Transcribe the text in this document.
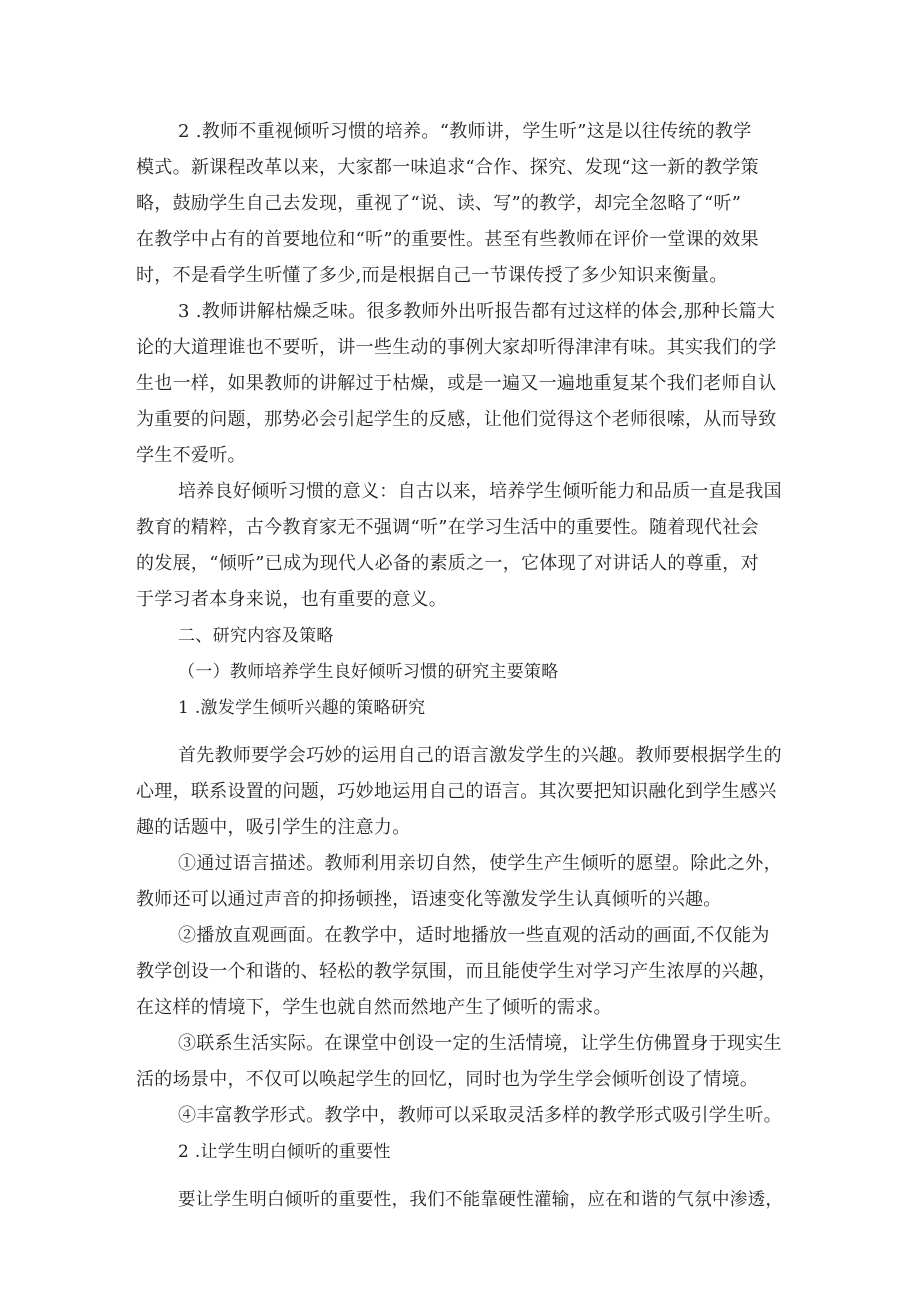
2 .教师不重视倾听习惯的培养。“教师讲，学生听”这是以往传统的教学
模式。新课程改革以来，大家都一味追求“合作、探究、发现“这一新的教学策
略，鼓励学生自己去发现，重视了“说、读、写”的教学，却完全忽略了“听”
在教学中占有的首要地位和“听”的重要性。甚至有些教师在评价一堂课的效果
时，不是看学生听懂了多少,而是根据自己一节课传授了多少知识来衡量。
3 .教师讲解枯燥乏味。很多教师外出听报告都有过这样的体会,那种长篇大
论的大道理谁也不要听，讲一些生动的事例大家却听得津津有味。其实我们的学
生也一样，如果教师的讲解过于枯燥，或是一遍又一遍地重复某个我们老师自认
为重要的问题，那势必会引起学生的反感，让他们觉得这个老师很嗦，从而导致
学生不爱听。
培养良好倾听习惯的意义：自古以来，培养学生倾听能力和品质一直是我国
教育的精粹，古今教育家无不强调“听”在学习生活中的重要性。随着现代社会
的发展，“倾听”已成为现代人必备的素质之一，它体现了对讲话人的尊重，对
于学习者本身来说，也有重要的意义。
二、研究内容及策略
（一）教师培养学生良好倾听习惯的研究主要策略
1 .激发学生倾听兴趣的策略研究
首先教师要学会巧妙的运用自己的语言激发学生的兴趣。教师要根据学生的
心理，联系设置的问题，巧妙地运用自己的语言。其次要把知识融化到学生感兴
趣的话题中，吸引学生的注意力。
①通过语言描述。教师利用亲切自然，使学生产生倾听的愿望。除此之外，
教师还可以通过声音的抑扬顿挫，语速变化等激发学生认真倾听的兴趣。
②播放直观画面。在教学中，适时地播放一些直观的活动的画面,不仅能为
教学创设一个和谐的、轻松的教学氛围，而且能使学生对学习产生浓厚的兴趣，
在这样的情境下，学生也就自然而然地产生了倾听的需求。
③联系生活实际。在课堂中创设一定的生活情境，让学生仿佛置身于现实生
活的场景中，不仅可以唤起学生的回忆，同时也为学生学会倾听创设了情境。
④丰富教学形式。教学中，教师可以采取灵活多样的教学形式吸引学生听。
2 .让学生明白倾听的重要性
要让学生明白倾听的重要性，我们不能靠硬性灌输，应在和谐的气氛中渗透，
